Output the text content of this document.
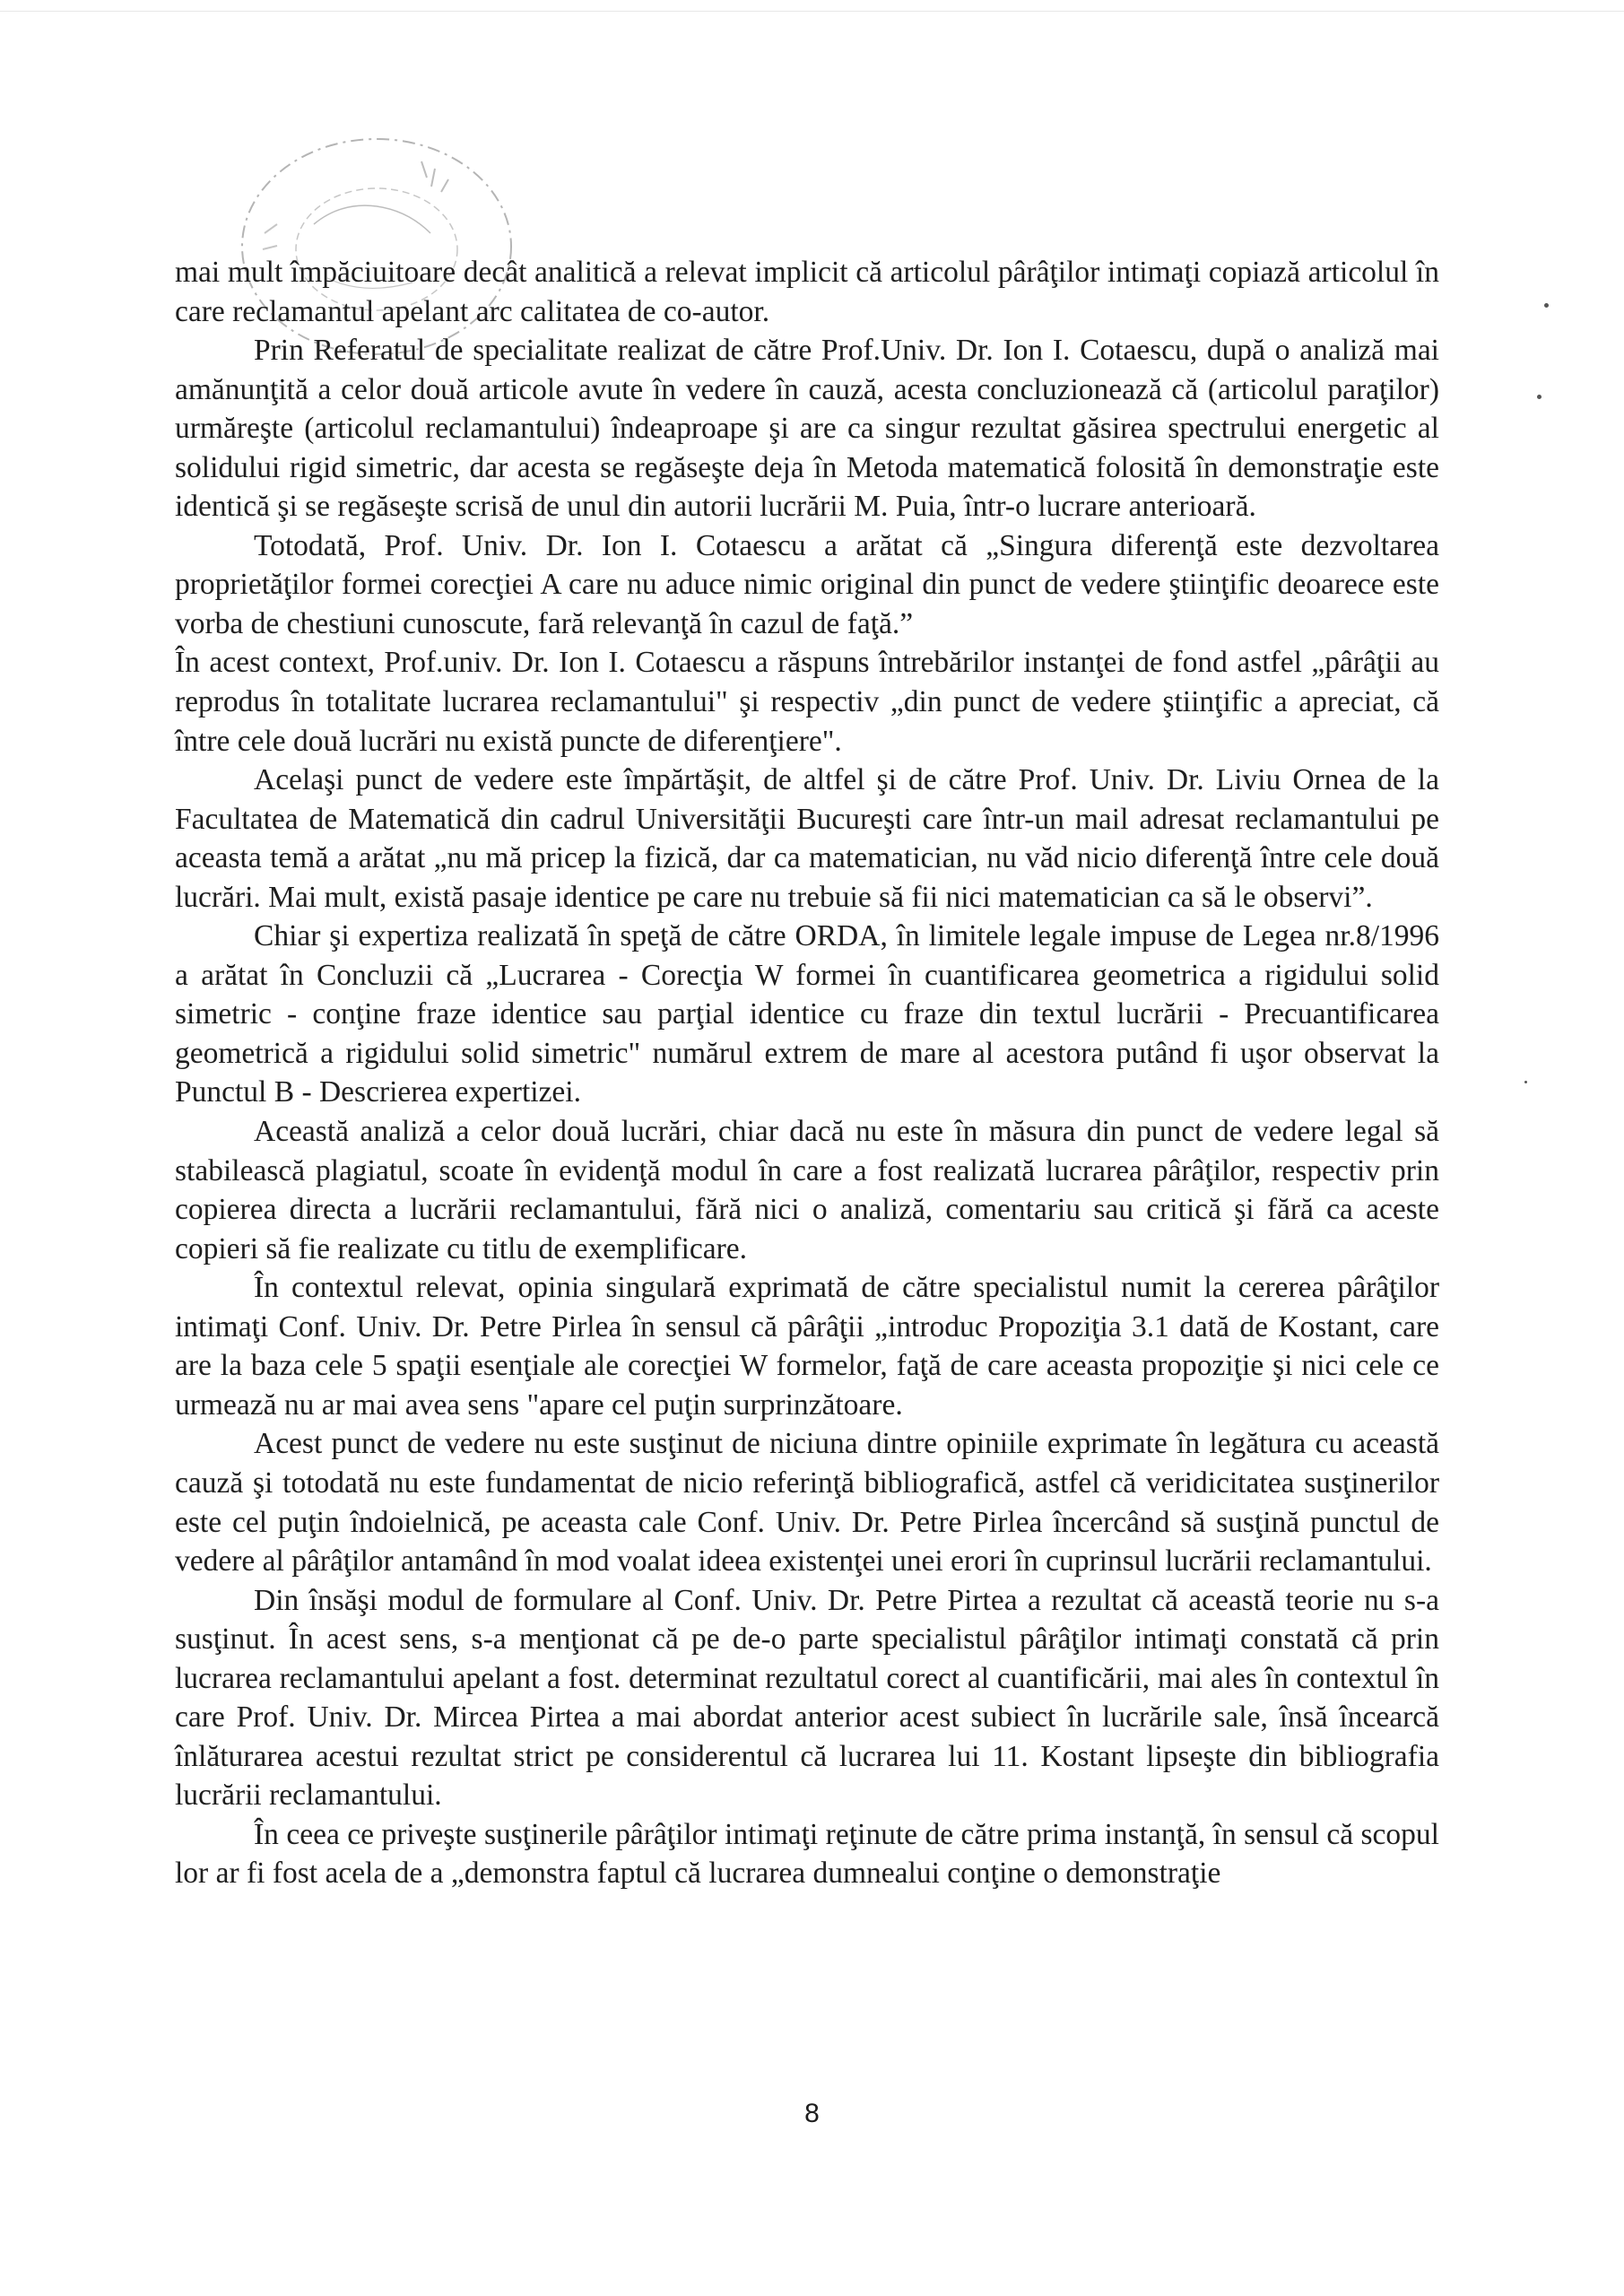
mai mult împăciuitoare decât analitică a relevat implicit că articolul pârâţilor intimaţi copiază articolul în care reclamantul apelant arc calitatea de co-autor.

Prin Referatul de specialitate realizat de către Prof.Univ. Dr. Ion I. Cotaescu, după o analiză mai amănunţită a celor două articole avute în vedere în cauză, acesta concluzionează că (articolul paraţilor) urmăreşte (articolul reclamantului) îndeaproape şi are ca singur rezultat găsirea spectrului energetic al solidului rigid simetric, dar acesta se regăseşte deja în Metoda matematică folosită în demonstraţie este identică şi se regăseşte scrisă de unul din autorii lucrării M. Puia, într-o lucrare anterioară.

Totodată, Prof. Univ. Dr. Ion I. Cotaescu a arătat că „Singura diferenţă este dezvoltarea proprietăţilor formei corecţiei A care nu aduce nimic original din punct de vedere ştiinţific deoarece este vorba de chestiuni cunoscute, fară relevanţă în cazul de faţă.”

În acest context, Prof.univ. Dr. Ion I. Cotaescu a răspuns întrebărilor instanţei de fond astfel „pârâţii au reprodus în totalitate lucrarea reclamantului" şi respectiv „din punct de vedere ştiinţific a apreciat, că între cele două lucrări nu există puncte de diferenţiere".

Acelaşi punct de vedere este împărtăşit, de altfel şi de către Prof. Univ. Dr. Liviu Ornea de la Facultatea de Matematică din cadrul Universităţii Bucureşti care într-un mail adresat reclamantului pe aceasta temă a arătat „nu mă pricep la fizică, dar ca matematician, nu văd nicio diferenţă între cele două lucrări. Mai mult, există pasaje identice pe care nu trebuie să fii nici matematician ca să le observi”.

Chiar şi expertiza realizată în speţă de către ORDA, în limitele legale impuse de Legea nr.8/1996 a arătat în Concluzii că „Lucrarea - Corecţia W formei în cuantificarea geometrica a rigidului solid simetric - conţine fraze identice sau parţial identice cu fraze din textul lucrării - Precuantificarea geometrică a rigidului solid simetric" numărul extrem de mare al acestora putând fi uşor observat la Punctul B - Descrierea expertizei.

Această analiză a celor două lucrări, chiar dacă nu este în măsura din punct de vedere legal să stabilească plagiatul, scoate în evidenţă modul în care a fost realizată lucrarea pârâţilor, respectiv prin copierea directa a lucrării reclamantului, fără nici o analiză, comentariu sau critică şi fără ca aceste copieri să fie realizate cu titlu de exemplificare.

În contextul relevat, opinia singulară exprimată de către specialistul numit la cererea pârâţilor intimaţi Conf. Univ. Dr. Petre Pirlea în sensul că pârâţii „introduc Propoziţia 3.1 dată de Kostant, care are la baza cele 5 spaţii esenţiale ale corecţiei W formelor, faţă de care aceasta propoziţie şi nici cele ce urmează nu ar mai avea sens "apare cel puţin surprinzătoare.

Acest punct de vedere nu este susţinut de niciuna dintre opiniile exprimate în legătura cu această cauză şi totodată nu este fundamentat de nicio referinţă bibliografică, astfel că veridicitatea susţinerilor este cel puţin îndoielnică, pe aceasta cale Conf. Univ. Dr. Petre Pirlea încercând să susţină punctul de vedere al pârâţilor antamând în mod voalat ideea existenţei unei erori în cuprinsul lucrării reclamantului.

Din însăşi modul de formulare al Conf. Univ. Dr. Petre Pirtea a rezultat că această teorie nu s-a susţinut. În acest sens, s-a menţionat că pe de-o parte specialistul pârâţilor intimaţi constată că prin lucrarea reclamantului apelant a fost. determinat rezultatul corect al cuantificării, mai ales în contextul în care Prof. Univ. Dr. Mircea Pirtea a mai abordat anterior acest subiect în lucrările sale, însă încearcă înlăturarea acestui rezultat strict pe considerentul că lucrarea lui 11. Kostant lipseşte din bibliografia lucrării reclamantului.

În ceea ce priveşte susţinerile pârâţilor intimaţi reţinute de către prima instanţă, în sensul că scopul lor ar fi fost acela de a „demonstra faptul că lucrarea dumnealui conţine o demonstraţie

8
